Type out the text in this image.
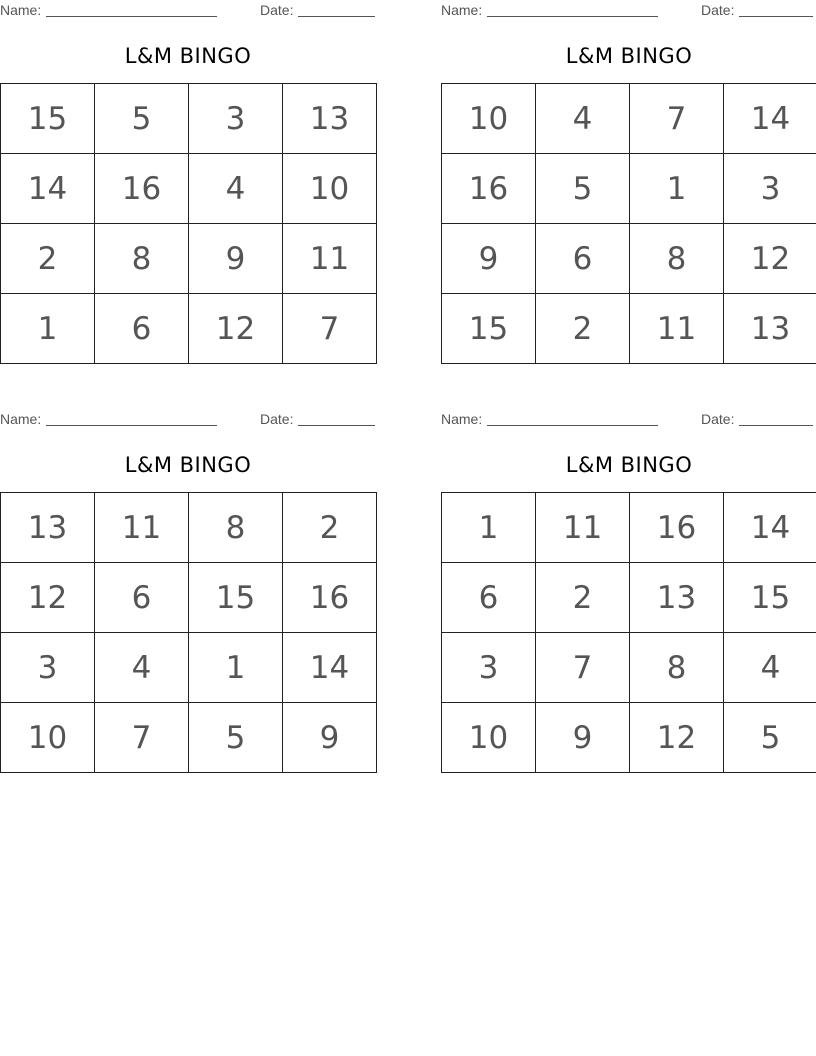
Name:	Date:
L&M BINGO
15	5	3	13
14	16	4	10
2	8	9	11
1	6	12	7
Name:	Date:
L&M BINGO
10	4	7	14
16	5	1	3
9	6	8	12
15	2	11	13
Name:	Date:
L&M BINGO
13	11	8	2
12	6	15	16
3	4	1	14
10	7	5	9
Name:	Date:
L&M BINGO
1	11	16	14
6	2	13	15
3	7	8	4
10	9	12	5
